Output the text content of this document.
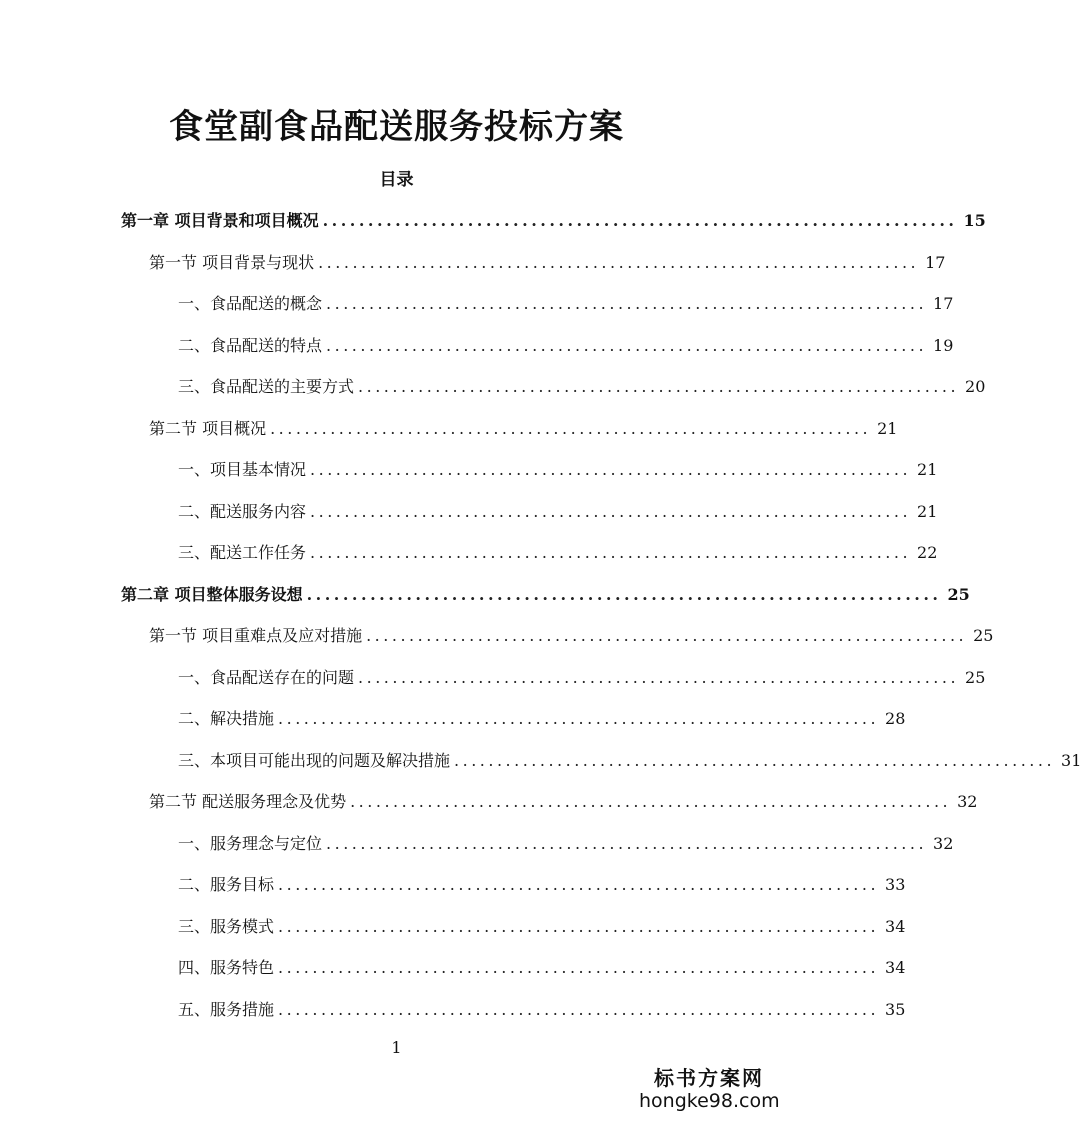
食堂副食品配送服务投标方案
目录
第一章 项目背景和项目概况 ...................................................................... 15
第一节 项目背景与现状 ...................................................................... 17
一、食品配送的概念 ...................................................................... 17
二、食品配送的特点 ...................................................................... 19
三、食品配送的主要方式 ...................................................................... 20
第二节 项目概况 ...................................................................... 21
一、项目基本情况 ...................................................................... 21
二、配送服务内容 ...................................................................... 21
三、配送工作任务 ...................................................................... 22
第二章 项目整体服务设想 ...................................................................... 25
第一节 项目重难点及应对措施 ...................................................................... 25
一、食品配送存在的问题 ...................................................................... 25
二、解决措施 ...................................................................... 28
三、本项目可能出现的问题及解决措施 ...................................................................... 31
第二节 配送服务理念及优势 ...................................................................... 32
一、服务理念与定位 ...................................................................... 32
二、服务目标 ...................................................................... 33
三、服务模式 ...................................................................... 34
四、服务特色 ...................................................................... 34
五、服务措施 ...................................................................... 35
1
标书方案网
hongke98.com
